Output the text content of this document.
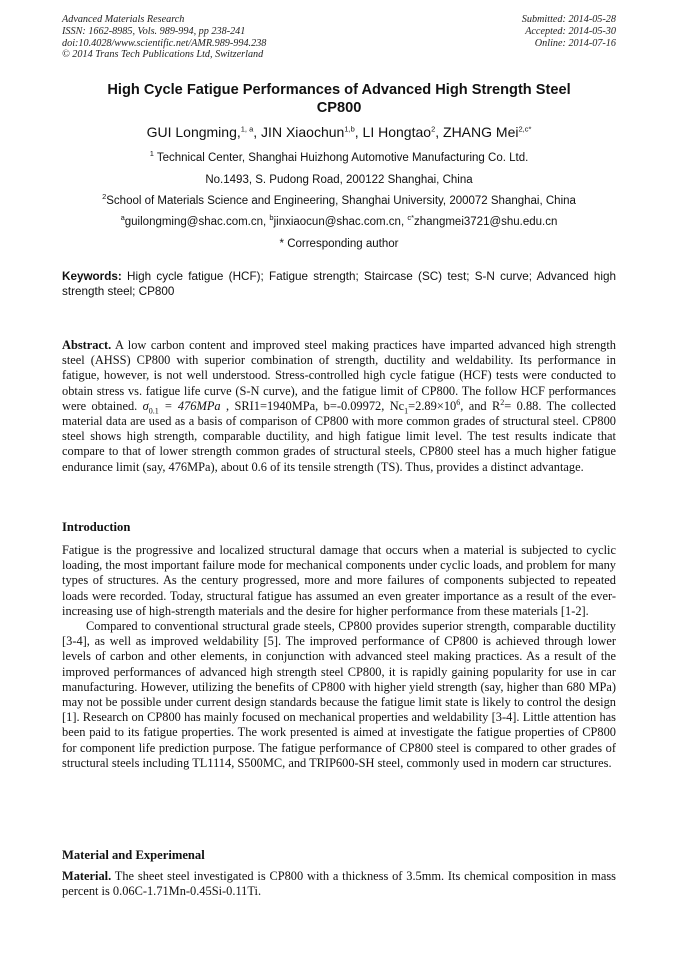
Advanced Materials Research
ISSN: 1662-8985, Vols. 989-994, pp 238-241
doi:10.4028/www.scientific.net/AMR.989-994.238
© 2014 Trans Tech Publications Ltd, Switzerland
Submitted: 2014-05-28
Accepted: 2014-05-30
Online: 2014-07-16
High Cycle Fatigue Performances of Advanced High Strength Steel
CP800
GUI Longming,$^{1, a}$, JIN Xiaochun$^{1,b}$, LI Hongtao$^2$, ZHANG Mei$^{2,c*}$
$^1$ Technical Center, Shanghai Huizhong Automotive Manufacturing Co. Ltd.
No.1493, S. Pudong Road, 200122 Shanghai, China
$^2$School of Materials Science and Engineering, Shanghai University, 200072 Shanghai, China
$^a$guilongming@shac.com.cn, $^b$jinxiaocun@shac.com.cn, $^{c*}$zhangmei3721@shu.edu.cn
* Corresponding author
Keywords: High cycle fatigue (HCF); Fatigue strength; Staircase (SC) test; S-N curve; Advanced high strength steel; CP800
Abstract. A low carbon content and improved steel making practices have imparted advanced high strength steel (AHSS) CP800 with superior combination of strength, ductility and weldability. Its performance in fatigue, however, is not well understood. Stress-controlled high cycle fatigue (HCF) tests were conducted to obtain stress vs. fatigue life curve (S-N curve), and the fatigue limit of CP800. The follow HCF performances were obtained. $\sigma_{0.1} = 476MPa$ , SRI1=1940MPa, b=-0.09972, $Nc_1=2.89\times 10^6$, and $R^2= 0.88$. The collected material data are used as a basis of comparison of CP800 with more common grades of structural steel. CP800 steel shows high strength, comparable ductility, and high fatigue limit level. The test results indicate that compare to that of lower strength common grades of structural steels, CP800 steel has a much higher fatigue endurance limit (say, 476MPa), about 0.6 of its tensile strength (TS). Thus, provides a distinct advantage.
Introduction
Fatigue is the progressive and localized structural damage that occurs when a material is subjected to cyclic loading, the most important failure mode for mechanical components under cyclic loads, and problem for many types of structures. As the century progressed, more and more failures of components subjected to repeated loads were recorded. Today, structural fatigue has assumed an even greater importance as a result of the ever-increasing use of high-strength materials and the desire for higher performance from these materials [1-2].
Compared to conventional structural grade steels, CP800 provides superior strength, comparable ductility [3-4], as well as improved weldability [5]. The improved performance of CP800 is achieved through lower levels of carbon and other elements, in conjunction with advanced steel making practices. As a result of the improved performances of advanced high strength steel CP800, it is rapidly gaining popularity for use in car manufacturing. However, utilizing the benefits of CP800 with higher yield strength (say, higher than 680 MPa) may not be possible under current design standards because the fatigue limit state is likely to control the design [1]. Research on CP800 has mainly focused on mechanical properties and weldability [3-4]. Little attention has been paid to its fatigue properties. The work presented is aimed at investigate the fatigue properties of CP800 for component life prediction purpose. The fatigue performance of CP800 steel is compared to other grades of structural steels including TL1114, S500MC, and TRIP600-SH steel, commonly used in modern car structures.
Material and Experimenal
Material. The sheet steel investigated is CP800 with a thickness of 3.5mm. Its chemical composition in mass percent is 0.06C-1.71Mn-0.45Si-0.11Ti.
